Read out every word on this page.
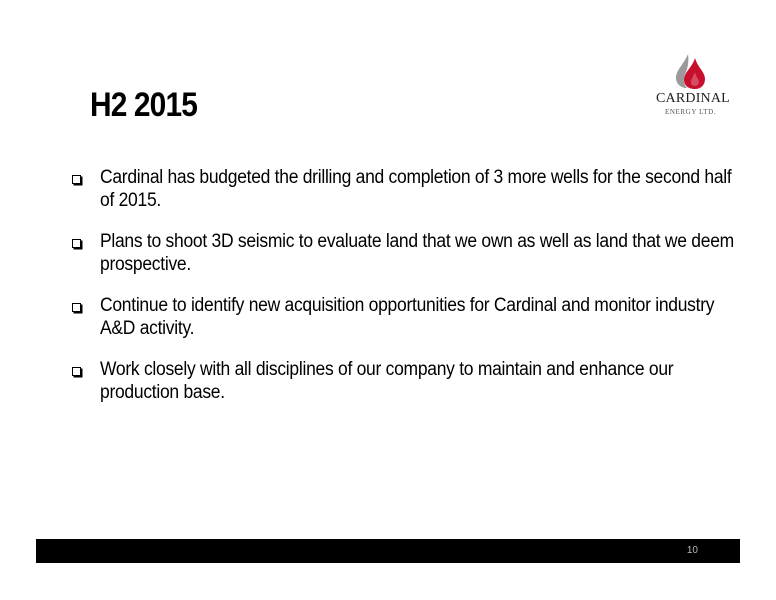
H2 2015	CARDINAL
ENERGY LTD.
Cardinal has budgeted the drilling and completion of 3 more wells for the second half of 2015.
Plans to shoot 3D seismic to evaluate land that we own as well as land that we deem prospective.
Continue to identify new acquisition opportunities for Cardinal and monitor industry A&D activity.
Work closely with all disciplines of our company to maintain and enhance our production base.
10
